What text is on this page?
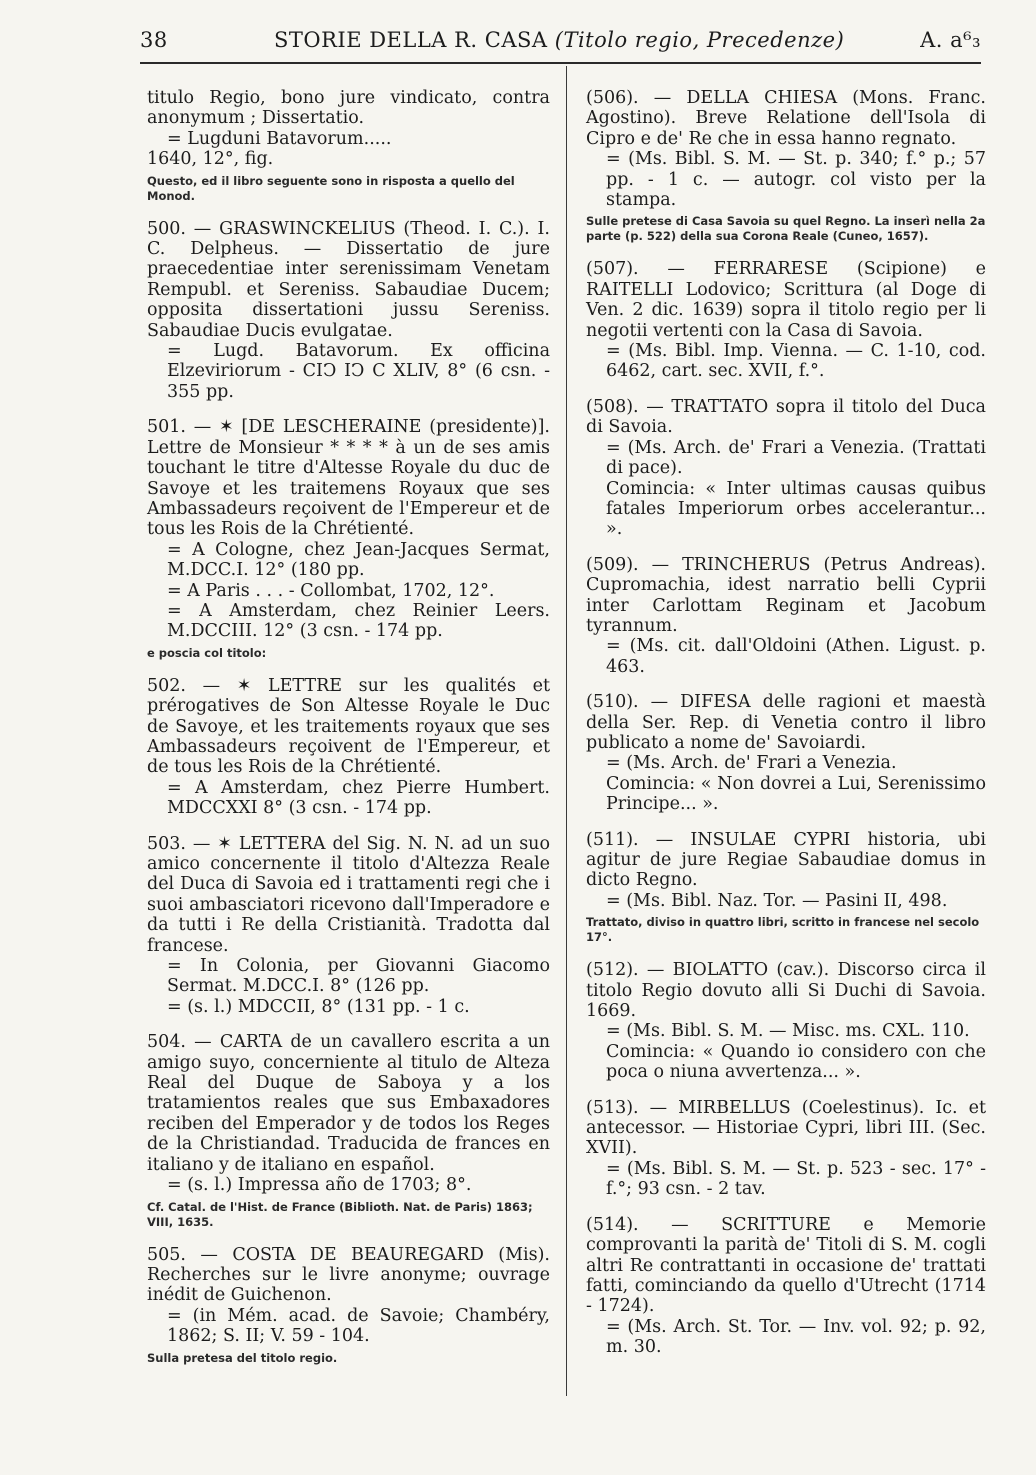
38	STORIE DELLA R. CASA (Titolo regio, Precedenze)	A. a⁶₃

titulo Regio, bono jure vindicato, contra anonymum ; Dissertatio.

= Lugduni Batavorum.....

1640, 12°, fig.

Questo, ed il libro seguente sono in risposta a quello del Monod.

500. — GRASWINCKELIUS (Theod. I. C.). I. C. Delpheus. — Dissertatio de jure praecedentiae inter serenissimam Venetam Rempubl. et Sereniss. Sabaudiae Ducem; opposita dissertationi jussu Sereniss. Sabaudiae Ducis evulgatae.

= Lugd. Batavorum. Ex officina Elzeviriorum - CIↃ IↃ C XLIV, 8° (6 csn. - 355 pp.

501. — ✶ [DE LESCHERAINE (presidente)]. Lettre de Monsieur * * * * à un de ses amis touchant le titre d'Altesse Royale du duc de Savoye et les traitemens Royaux que ses Ambassadeurs reçoivent de l'Empereur et de tous les Rois de la Chrétienté.

= A Cologne, chez Jean-Jacques Sermat, M.DCC.I. 12° (180 pp.

= A Paris . . . - Collombat, 1702, 12°.

= A Amsterdam, chez Reinier Leers. M.DCCIII. 12° (3 csn. - 174 pp.

e poscia col titolo:

502. — ✶ LETTRE sur les qualités et prérogatives de Son Altesse Royale le Duc de Savoye, et les traitements royaux que ses Ambassadeurs reçoivent de l'Empereur, et de tous les Rois de la Chrétienté.

= A Amsterdam, chez Pierre Humbert. MDCCXXI 8° (3 csn. - 174 pp.

503. — ✶ LETTERA del Sig. N. N. ad un suo amico concernente il titolo d'Altezza Reale del Duca di Savoia ed i trattamenti regi che i suoi ambasciatori ricevono dall'Imperadore e da tutti i Re della Cristianità. Tradotta dal francese.

= In Colonia, per Giovanni Giacomo Sermat. M.DCC.I. 8° (126 pp.

= (s. l.) MDCCII, 8° (131 pp. - 1 c.

504. — CARTA de un cavallero escrita a un amigo suyo, concerniente al titulo de Alteza Real del Duque de Saboya y a los tratamientos reales que sus Embaxadores reciben del Emperador y de todos los Reges de la Christiandad. Traducida de frances en italiano y de italiano en español.

= (s. l.) Impressa año de 1703; 8°.

Cf. Catal. de l'Hist. de France (Biblioth. Nat. de Paris) 1863; VIII, 1635.

505. — COSTA DE BEAUREGARD (Mis). Recherches sur le livre anonyme; ouvrage inédit de Guichenon.

= (in Mém. acad. de Savoie; Chambéry, 1862; S. II; V. 59 - 104.

Sulla pretesa del titolo regio.

(506). — DELLA CHIESA (Mons. Franc. Agostino). Breve Relatione dell'Isola di Cipro e de' Re che in essa hanno regnato.

= (Ms. Bibl. S. M. — St. p. 340; f.° p.; 57 pp. - 1 c. — autogr. col visto per la stampa.

Sulle pretese di Casa Savoia su quel Regno. La inserì nella 2a parte (p. 522) della sua Corona Reale (Cuneo, 1657).

(507). — FERRARESE (Scipione) e RAITELLI Lodovico; Scrittura (al Doge di Ven. 2 dic. 1639) sopra il titolo regio per li negotii vertenti con la Casa di Savoia.

= (Ms. Bibl. Imp. Vienna. — C. 1-10, cod. 6462, cart. sec. XVII, f.°.

(508). — TRATTATO sopra il titolo del Duca di Savoia.

= (Ms. Arch. de' Frari a Venezia. (Trattati di pace).

Comincia: « Inter ultimas causas quibus fatales Imperiorum orbes accelerantur... ».

(509). — TRINCHERUS (Petrus Andreas). Cupromachia, idest narratio belli Cyprii inter Carlottam Reginam et Jacobum tyrannum.

= (Ms. cit. dall'Oldoini (Athen. Ligust. p. 463.

(510). — DIFESA delle ragioni et maestà della Ser. Rep. di Venetia contro il libro publicato a nome de' Savoiardi.

= (Ms. Arch. de' Frari a Venezia.

Comincia: « Non dovrei a Lui, Serenissimo Principe... ».

(511). — INSULAE CYPRI historia, ubi agitur de jure Regiae Sabaudiae domus in dicto Regno.

= (Ms. Bibl. Naz. Tor. — Pasini II, 498.

Trattato, diviso in quattro libri, scritto in francese nel secolo 17°.

(512). — BIOLATTO (cav.). Discorso circa il titolo Regio dovuto alli Si Duchi di Savoia. 1669.

= (Ms. Bibl. S. M. — Misc. ms. CXL. 110.

Comincia: « Quando io considero con che poca o niuna avvertenza... ».

(513). — MIRBELLUS (Coelestinus). Ic. et antecessor. — Historiae Cypri, libri III. (Sec. XVII).

= (Ms. Bibl. S. M. — St. p. 523 - sec. 17° - f.°; 93 csn. - 2 tav.

(514). — SCRITTURE e Memorie comprovanti la parità de' Titoli di S. M. cogli altri Re contrattanti in occasione de' trattati fatti, cominciando da quello d'Utrecht (1714 - 1724).

= (Ms. Arch. St. Tor. — Inv. vol. 92; p. 92, m. 30.
